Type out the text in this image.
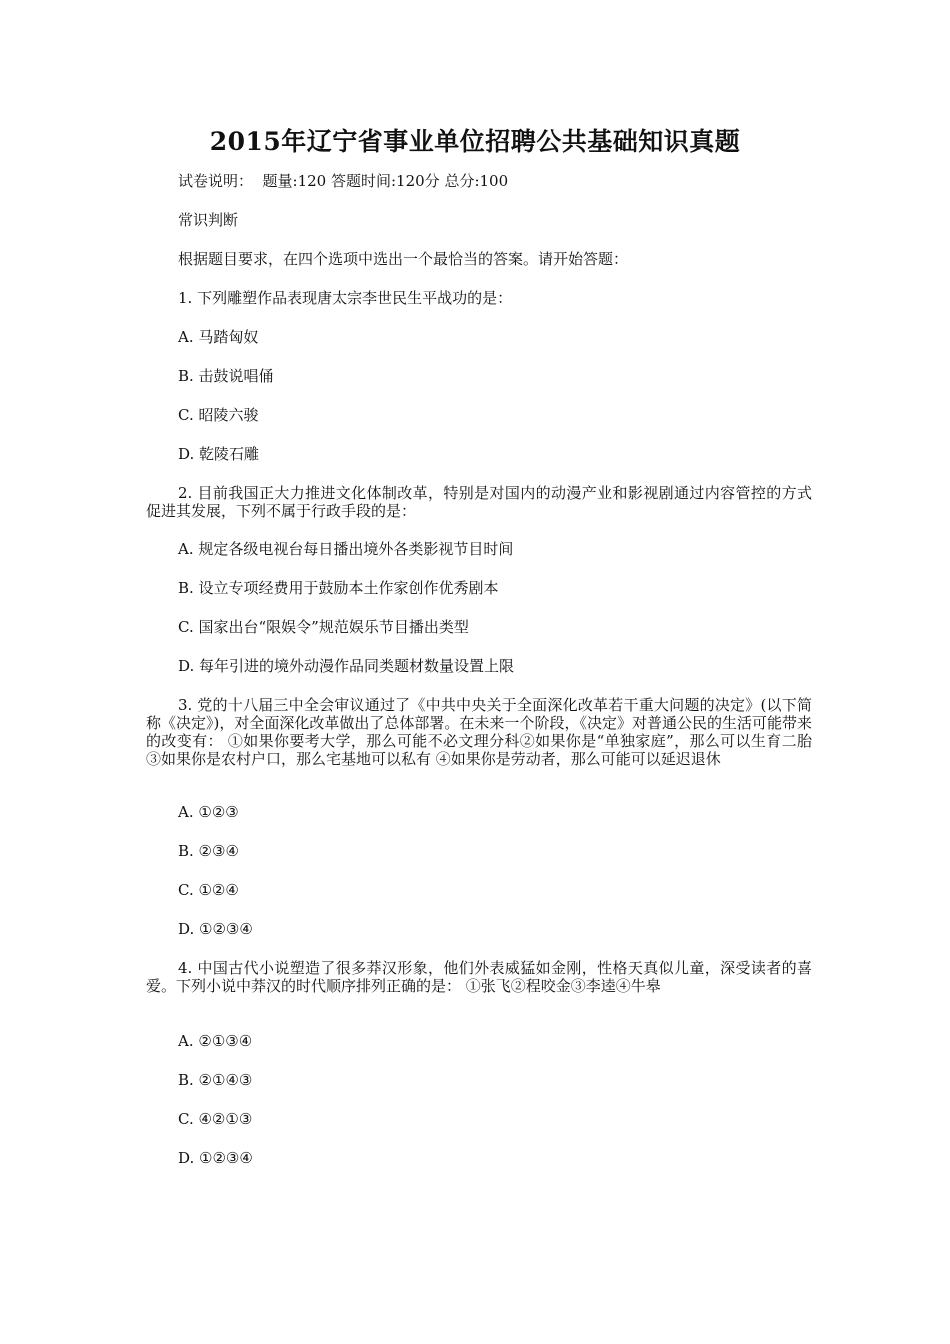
2015年辽宁省事业单位招聘公共基础知识真题
试卷说明：  题量:120 答题时间:120分 总分:100
常识判断
根据题目要求，在四个选项中选出一个最恰当的答案。请开始答题：
1. 下列雕塑作品表现唐太宗李世民生平战功的是：
A. 马踏匈奴
B. 击鼓说唱俑
C. 昭陵六骏
D. 乾陵石雕
2. 目前我国正大力推进文化体制改革，特别是对国内的动漫产业和影视剧通过内容管控的方式促进其发展，下列不属于行政手段的是：
A. 规定各级电视台每日播出境外各类影视节目时间
B. 设立专项经费用于鼓励本土作家创作优秀剧本
C. 国家出台“限娱令”规范娱乐节目播出类型
D. 每年引进的境外动漫作品同类题材数量设置上限
3. 党的十八届三中全会审议通过了《中共中央关于全面深化改革若干重大问题的决定》(以下简称《决定》)，对全面深化改革做出了总体部署。在未来一个阶段，《决定》对普通公民的生活可能带来的改变有： ①如果你要考大学，那么可能不必文理分科②如果你是“单独家庭”，那么可以生育二胎 ③如果你是农村户口，那么宅基地可以私有 ④如果你是劳动者，那么可能可以延迟退休
A. ①②③
B. ②③④
C. ①②④
D. ①②③④
4. 中国古代小说塑造了很多莽汉形象，他们外表威猛如金刚，性格天真似儿童，深受读者的喜爱。下列小说中莽汉的时代顺序排列正确的是： ①张飞②程咬金③李逵④牛皋
A. ②①③④
B. ②①④③
C. ④②①③
D. ①②③④
